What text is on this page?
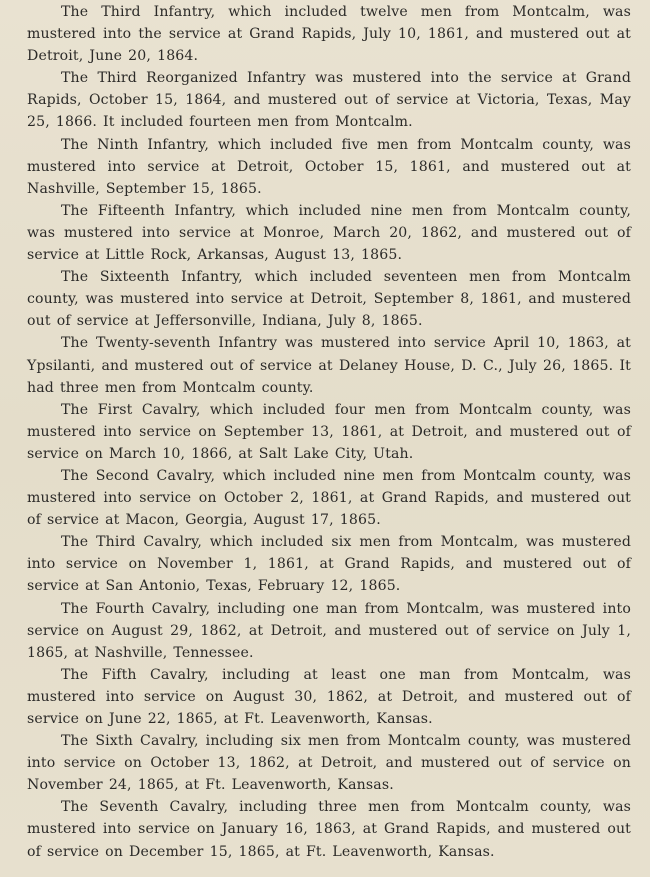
The Third Infantry, which included twelve men from Montcalm, was mustered into the service at Grand Rapids, July 10, 1861, and mustered out at Detroit, June 20, 1864.

The Third Reorganized Infantry was mustered into the service at Grand Rapids, October 15, 1864, and mustered out of service at Victoria, Texas, May 25, 1866. It included fourteen men from Montcalm.

The Ninth Infantry, which included five men from Montcalm county, was mustered into service at Detroit, October 15, 1861, and mustered out at Nashville, September 15, 1865.

The Fifteenth Infantry, which included nine men from Montcalm county, was mustered into service at Monroe, March 20, 1862, and mustered out of service at Little Rock, Arkansas, August 13, 1865.

The Sixteenth Infantry, which included seventeen men from Montcalm county, was mustered into service at Detroit, September 8, 1861, and mustered out of service at Jeffersonville, Indiana, July 8, 1865.

The Twenty-seventh Infantry was mustered into service April 10, 1863, at Ypsilanti, and mustered out of service at Delaney House, D. C., July 26, 1865. It had three men from Montcalm county.

The First Cavalry, which included four men from Montcalm county, was mustered into service on September 13, 1861, at Detroit, and mustered out of service on March 10, 1866, at Salt Lake City, Utah.

The Second Cavalry, which included nine men from Montcalm county, was mustered into service on October 2, 1861, at Grand Rapids, and mustered out of service at Macon, Georgia, August 17, 1865.

The Third Cavalry, which included six men from Montcalm, was mustered into service on November 1, 1861, at Grand Rapids, and mustered out of service at San Antonio, Texas, February 12, 1865.

The Fourth Cavalry, including one man from Montcalm, was mustered into service on August 29, 1862, at Detroit, and mustered out of service on July 1, 1865, at Nashville, Tennessee.

The Fifth Cavalry, including at least one man from Montcalm, was mustered into service on August 30, 1862, at Detroit, and mustered out of service on June 22, 1865, at Ft. Leavenworth, Kansas.

The Sixth Cavalry, including six men from Montcalm county, was mustered into service on October 13, 1862, at Detroit, and mustered out of service on November 24, 1865, at Ft. Leavenworth, Kansas.

The Seventh Cavalry, including three men from Montcalm county, was mustered into service on January 16, 1863, at Grand Rapids, and mustered out of service on December 15, 1865, at Ft. Leavenworth, Kansas.
